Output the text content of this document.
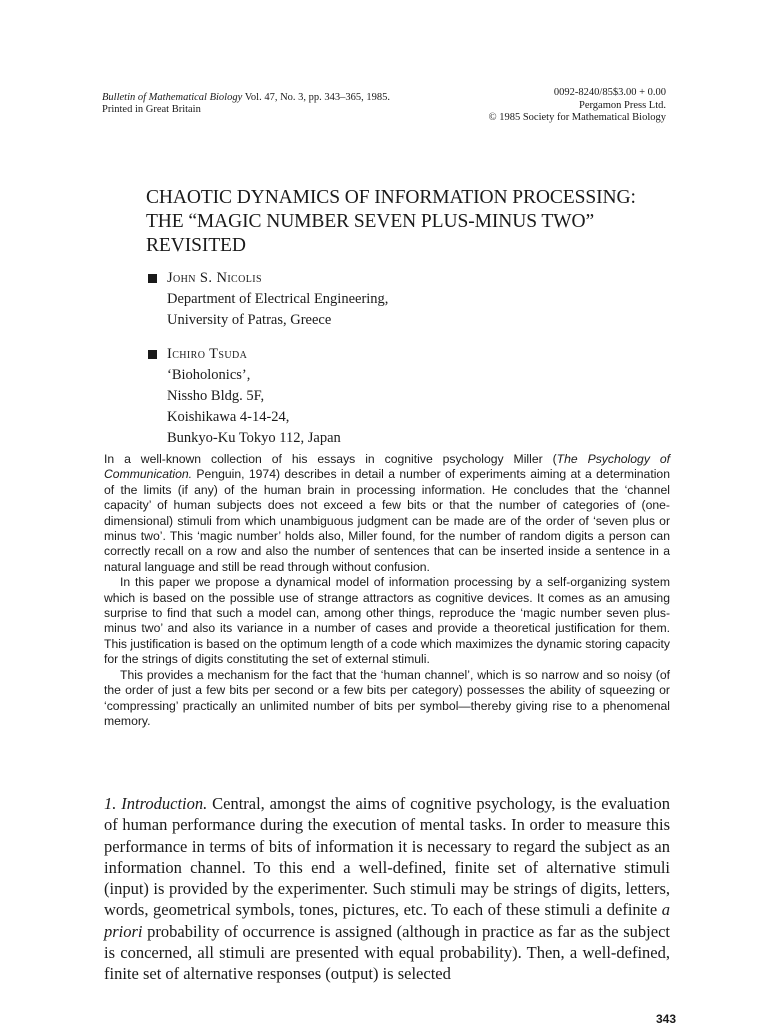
Bulletin of Mathematical Biology Vol. 47, No. 3, pp. 343–365, 1985.
Printed in Great Britain
0092-8240/85$3.00 + 0.00
Pergamon Press Ltd.
© 1985 Society for Mathematical Biology
CHAOTIC DYNAMICS OF INFORMATION PROCESSING:
THE “MAGIC NUMBER SEVEN PLUS-MINUS TWO”
REVISITED
John S. Nicolis
Department of Electrical Engineering,
University of Patras, Greece
Ichiro Tsuda
‘Bioholonics’,
Nissho Bldg. 5F,
Koishikawa 4-14-24,
Bunkyo-Ku Tokyo 112, Japan

In a well-known collection of his essays in cognitive psychology Miller (The Psychology of Communication. Penguin, 1974) describes in detail a number of experiments aiming at a determination of the limits (if any) of the human brain in processing information. He concludes that the ‘channel capacity’ of human subjects does not exceed a few bits or that the number of categories of (one-dimensional) stimuli from which unambiguous judgment can be made are of the order of ‘seven plus or minus two’. This ‘magic number’ holds also, Miller found, for the number of random digits a person can correctly recall on a row and also the number of sentences that can be inserted inside a sentence in a natural language and still be read through without confusion.

In this paper we propose a dynamical model of information processing by a self-organizing system which is based on the possible use of strange attractors as cognitive devices. It comes as an amusing surprise to find that such a model can, among other things, reproduce the ‘magic number seven plus-minus two’ and also its variance in a number of cases and provide a theoretical justification for them. This justification is based on the optimum length of a code which maximizes the dynamic storing capacity for the strings of digits constituting the set of external stimuli.

This provides a mechanism for the fact that the ‘human channel’, which is so narrow and so noisy (of the order of just a few bits per second or a few bits per category) possesses the ability of squeezing or ‘compressing’ practically an unlimited number of bits per symbol—thereby giving rise to a phenomenal memory.

1. Introduction. Central, amongst the aims of cognitive psychology, is the evaluation of human performance during the execution of mental tasks. In order to measure this performance in terms of bits of information it is necessary to regard the subject as an information channel. To this end a well-defined, finite set of alternative stimuli (input) is provided by the experimenter. Such stimuli may be strings of digits, letters, words, geometrical symbols, tones, pictures, etc. To each of these stimuli a definite a priori probability of occurrence is assigned (although in practice as far as the subject is concerned, all stimuli are presented with equal probability). Then, a well-defined, finite set of alternative responses (output) is selected

343
